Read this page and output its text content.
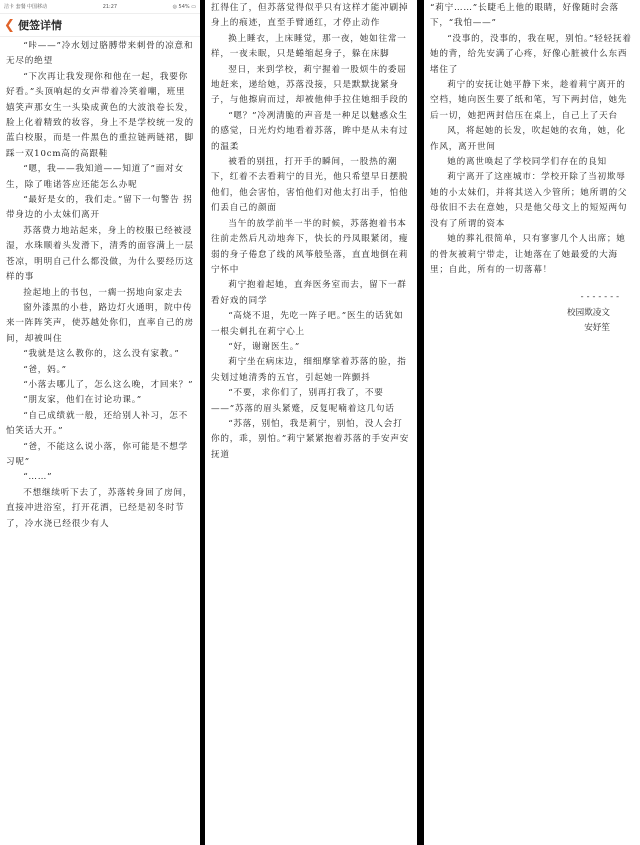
洁卡 套餐 中国移动	21:27	◎ 54% ▭
❮ 便签详情

“咔——”冷水划过胳膊带来刺骨的凉意和无尽的绝望

“下次再让我发现你和他在一起，我要你好看。”头顶响起的女声带着冷笑着嘲，班里嬉笑声那女生一头染成黄色的大波浪卷长发，脸上化着精致的妆容，身上不是学校统一发的蓝白校服，而是一件黑色的重拉链两链裙，脚踩一双10cm高的高跟鞋

“嗯，我——我知道——知道了”面对女生，除了唯诺答应还能怎么办呢

“最好是女的，我们走。”留下一句警告 拐带身边的小太妹们离开

苏落费力地站起来，身上的校服已经被浸湿，水珠顺着头发滑下，清秀的面容满上一层苍凉，明明自己什么都没做，为什么要经历这样的事

捡起地上的书包，一瘸一拐地向家走去

窗外漆黑的小巷，路边灯火通明，院中传来一阵阵笑声，使苏越处你们，直率自己的房间，却被叫住

“我就是这么教你的，这么没有家教。”

“爸，妈。”

“小落去哪儿了，怎么这么晚，才回来？”

“朋友家，他们在讨论功课。”

“自己成绩就一般，还给别人补习，怎不怕笑话大开。”

“爸，不能这么说小落，你可能是不想学习呢”

“……”

不想继续听下去了，苏落转身回了房间，直接冲进浴室，打开花洒，已经是初冬时节了，冷水浇已经很少有人

扛得住了，但苏落觉得似乎只有这样才能冲刷掉身上的痕迹，直至手臂通红，才停止动作

换上睡衣，上床睡觉，那一夜，她如往常一样，一夜未眠，只是蜷缩起身子，躲在床脚

翌日，来到学校，莉宁握着一股烦牛的委屈地赶来，递给她，苏落没接，只是默默拢紧身子，与他擦肩而过，却被他伸手拉住她细手段的

“嗯？”冷冽清脆的声音是一种足以魅惑众生的感觉，日光灼灼地看着苏落，眸中是从未有过的温柔

被看的别扭，打开手的瞬间，一股热的潮下，红着不去看莉宁的目光，他只希望早日摆脱他们，他会害怕，害怕他们对他太打出手，怕他们丢自己的颜面

当午的放学前半一半的时候，苏落抱着书本往前走然后凡动地奔下，快长的丹凤眼紧闭，瘦弱的身子倦怠了线的风筝般坠落，直直地倒在莉宁怀中

莉宁抱着起她，直奔医务室而去，留下一群看好戏的同学

“高烧不退，先吃一阵子吧。”医生的话犹如一根尖刺扎在莉宁心上

“好，谢谢医生。”

莉宁坐在病床边，细细摩挲着苏落的脸，指尖划过她清秀的五官，引起她一阵颤抖

“不要，求你们了，别再打我了，不要——”苏落的眉头紧蹙，反复呢喃着这几句话

“苏落，别怕，我是莉宁，别怕，没人会打你的，乖，别怕。”莉宁紧紧抱着苏落的手安声安抚道

“莉宁……”长睫毛上他的眼睛，好像随时会落下，“我怕——”

“没事的，没事的，我在呢，别怕。”轻轻抚着她的背，给先安满了心疼，好像心脏被什么东西堵住了

莉宁的安抚让她平静下来，趁着莉宁离开的空档，她向医生要了纸和笔，写下两封信，她先后一切，她把两封信压在桌上，自己上了天台

风，将起她的长发，吹起她的衣角，她，化作风，离开世间

她的离世唤起了学校同学们存在的良知

莉宁离开了这座城市：学校开除了当初欺辱她的小太妹们，并将其送入少管所；她所谓的父母依旧不去在意她，只是他父母文上的短短两句没有了所谓的资本

她的葬礼很简单，只有寥寥几个人出席；她的骨灰被莉宁带走，让她落在了她最爱的大海里；自此，所有的一切落幕！

-------
校园欺凌文
安妤笙
